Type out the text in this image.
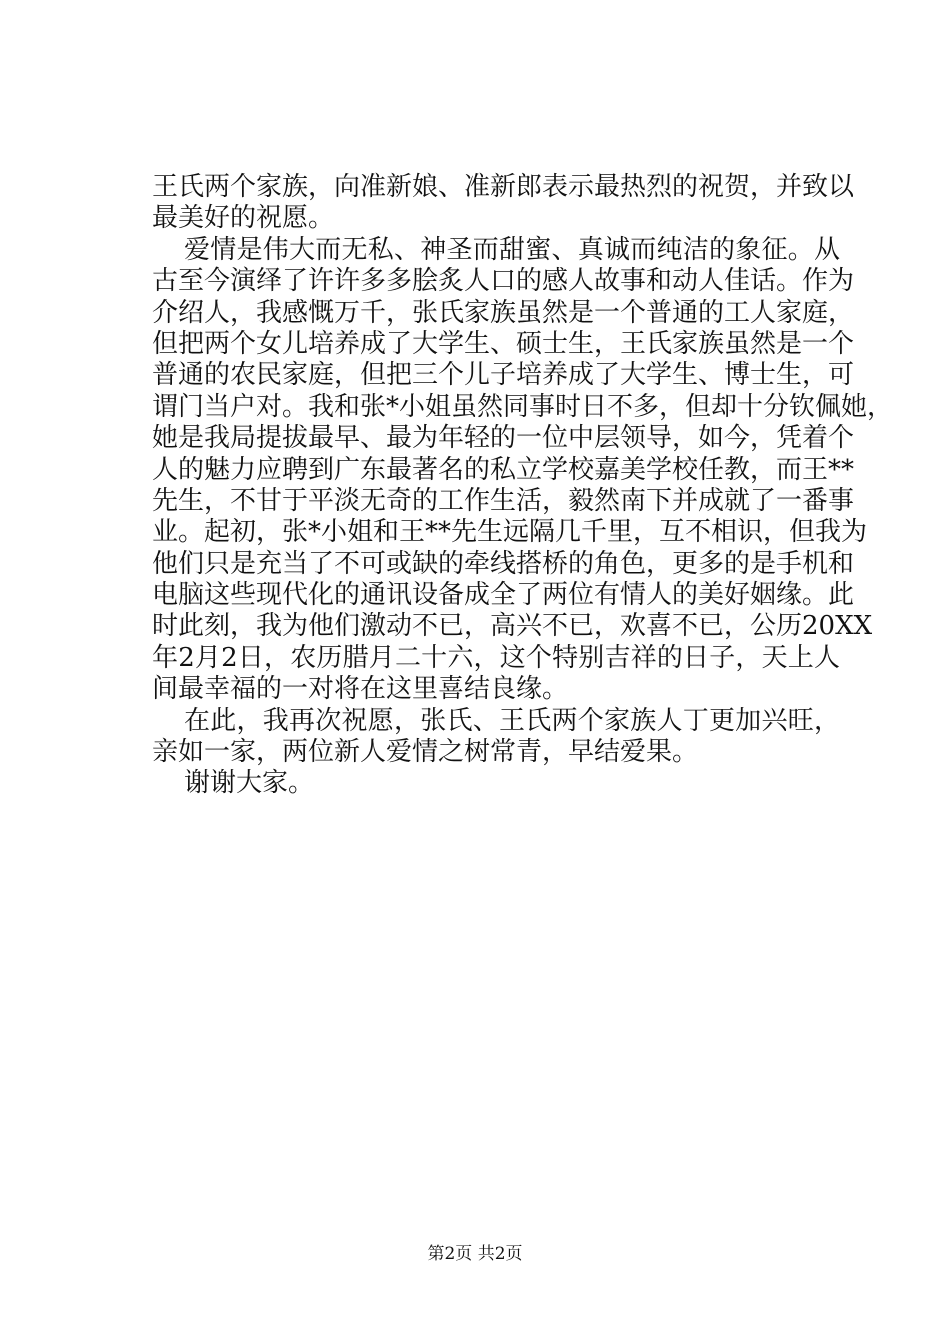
王氏两个家族，向准新娘、准新郎表示最热烈的祝贺，并致以
最美好的祝愿。
爱情是伟大而无私、神圣而甜蜜、真诚而纯洁的象征。从
古至今演绎了许许多多脍炙人口的感人故事和动人佳话。作为
介绍人，我感慨万千，张氏家族虽然是一个普通的工人家庭，
但把两个女儿培养成了大学生、硕士生，王氏家族虽然是一个
普通的农民家庭，但把三个儿子培养成了大学生、博士生，可
谓门当户对。我和张*小姐虽然同事时日不多，但却十分钦佩她，
她是我局提拔最早、最为年轻的一位中层领导，如今，凭着个
人的魅力应聘到广东最著名的私立学校嘉美学校任教，而王**
先生，不甘于平淡无奇的工作生活，毅然南下并成就了一番事
业。起初，张*小姐和王**先生远隔几千里，互不相识，但我为
他们只是充当了不可或缺的牵线搭桥的角色，更多的是手机和
电脑这些现代化的通讯设备成全了两位有情人的美好姻缘。此
时此刻，我为他们激动不已，高兴不已，欢喜不已，公历20XX
年2月2日，农历腊月二十六，这个特别吉祥的日子，天上人
间最幸福的一对将在这里喜结良缘。
在此，我再次祝愿，张氏、王氏两个家族人丁更加兴旺，
亲如一家，两位新人爱情之树常青，早结爱果。
谢谢大家。
第2页 共2页
